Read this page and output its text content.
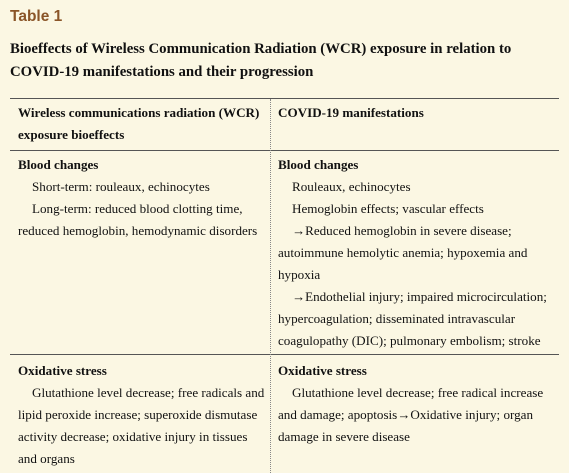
Table 1
Bioeffects of Wireless Communication Radiation (WCR) exposure in relation to COVID-19 manifestations and their progression
Wireless communications radiation (WCR) exposure bioeffects
COVID-19 manifestations
Blood changes
Short-term: rouleaux, echinocytes
Long-term: reduced blood clotting time, reduced hemoglobin, hemodynamic disorders
Blood changes
Rouleaux, echinocytes
Hemoglobin effects; vascular effects
→Reduced hemoglobin in severe disease; autoimmune hemolytic anemia; hypoxemia and hypoxia
→Endothelial injury; impaired microcirculation; hypercoagulation; disseminated intravascular coagulopathy (DIC); pulmonary embolism; stroke
Oxidative stress
Glutathione level decrease; free radicals and lipid peroxide increase; superoxide dismutase activity decrease; oxidative injury in tissues and organs
Oxidative stress
Glutathione level decrease; free radical increase and damage; apoptosis→Oxidative injury; organ damage in severe disease
